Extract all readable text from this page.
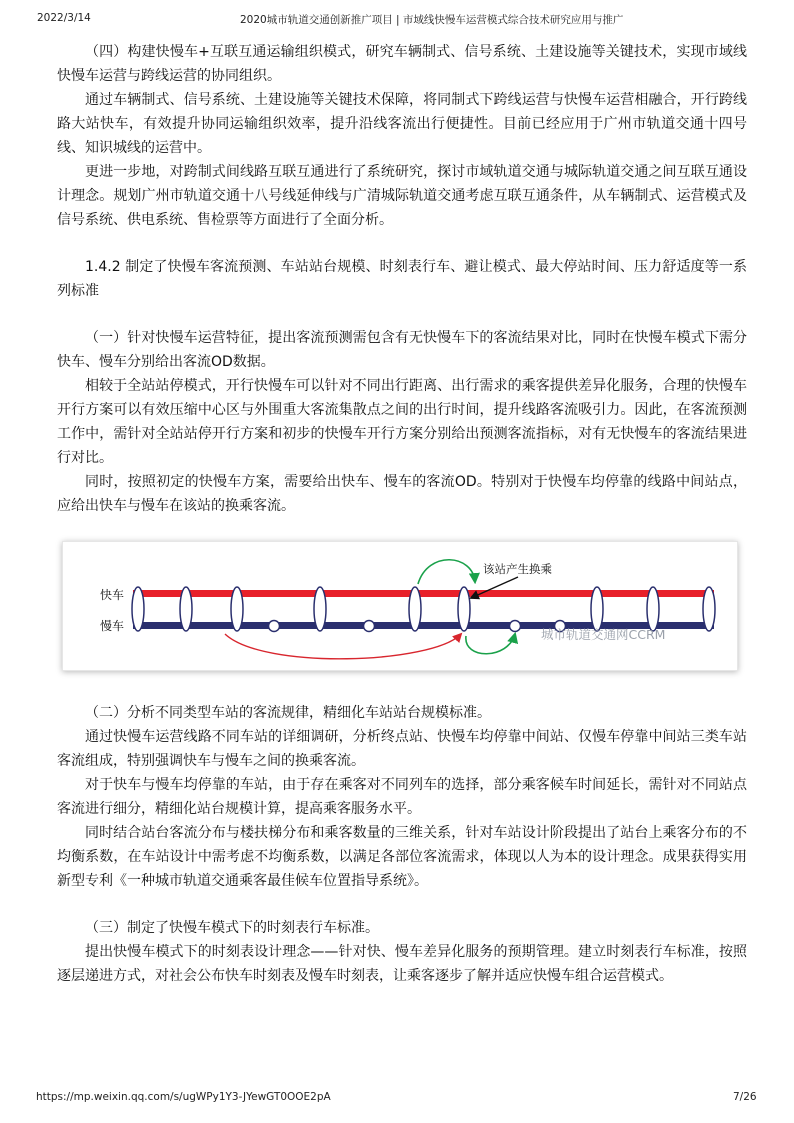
2022/3/14	2020城市轨道交通创新推广项目 | 市域线快慢车运营模式综合技术研究应用与推广

（四）构建快慢车+互联互通运输组织模式，研究车辆制式、信号系统、土建设施等关键技术，实现市域线快慢车运营与跨线运营的协同组织。

通过车辆制式、信号系统、土建设施等关键技术保障，将同制式下跨线运营与快慢车运营相融合，开行跨线路大站快车，有效提升协同运输组织效率，提升沿线客流出行便捷性。目前已经应用于广州市轨道交通十四号线、知识城线的运营中。

更进一步地，对跨制式间线路互联互通进行了系统研究，探讨市域轨道交通与城际轨道交通之间互联互通设计理念。规划广州市轨道交通十八号线延伸线与广清城际轨道交通考虑互联互通条件，从车辆制式、运营模式及信号系统、供电系统、售检票等方面进行了全面分析。

1.4.2 制定了快慢车客流预测、车站站台规模、时刻表行车、避让模式、最大停站时间、压力舒适度等一系列标准

（一）针对快慢车运营特征，提出客流预测需包含有无快慢车下的客流结果对比，同时在快慢车模式下需分快车、慢车分别给出客流OD数据。

相较于全站站停模式，开行快慢车可以针对不同出行距离、出行需求的乘客提供差异化服务，合理的快慢车开行方案可以有效压缩中心区与外围重大客流集散点之间的出行时间，提升线路客流吸引力。因此，在客流预测工作中，需针对全站站停开行方案和初步的快慢车开行方案分别给出预测客流指标，对有无快慢车的客流结果进行对比。

同时，按照初定的快慢车方案，需要给出快车、慢车的客流OD。特别对于快慢车均停靠的线路中间站点，应给出快车与慢车在该站的换乘客流。

快车
慢车
该站产生换乘
城市轨道交通网CCRM

（二）分析不同类型车站的客流规律，精细化车站站台规模标准。

通过快慢车运营线路不同车站的详细调研，分析终点站、快慢车均停靠中间站、仅慢车停靠中间站三类车站客流组成，特别强调快车与慢车之间的换乘客流。

对于快车与慢车均停靠的车站，由于存在乘客对不同列车的选择，部分乘客候车时间延长，需针对不同站点客流进行细分，精细化站台规模计算，提高乘客服务水平。

同时结合站台客流分布与楼扶梯分布和乘客数量的三维关系，针对车站设计阶段提出了站台上乘客分布的不均衡系数，在车站设计中需考虑不均衡系数，以满足各部位客流需求，体现以人为本的设计理念。成果获得实用新型专利《一种城市轨道交通乘客最佳候车位置指导系统》。

（三）制定了快慢车模式下的时刻表行车标准。

提出快慢车模式下的时刻表设计理念——针对快、慢车差异化服务的预期管理。建立时刻表行车标准，按照逐层递进方式，对社会公布快车时刻表及慢车时刻表，让乘客逐步了解并适应快慢车组合运营模式。

https://mp.weixin.qq.com/s/ugWPy1Y3-JYewGT0OOE2pA	7/26
